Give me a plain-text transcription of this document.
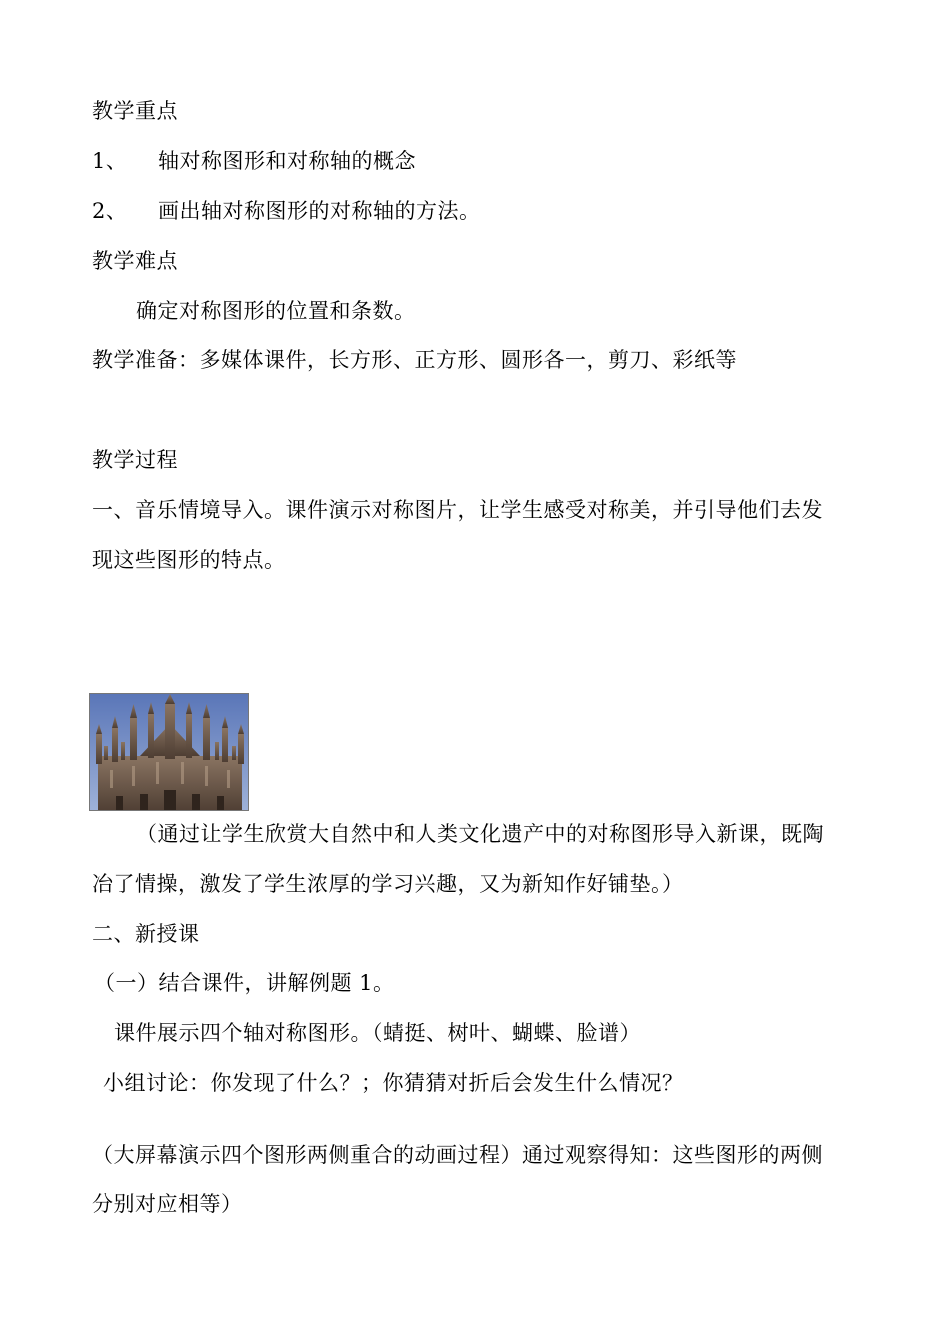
教学重点
1、 轴对称图形和对称轴的概念
2、 画出轴对称图形的对称轴的方法。
教学难点
确定对称图形的位置和条数。
教学准备：多媒体课件，长方形、正方形、圆形各一，剪刀、彩纸等
教学过程
一、音乐情境导入。课件演示对称图片，让学生感受对称美，并引导他们去发
现这些图形的特点。
（通过让学生欣赏大自然中和人类文化遗产中的对称图形导入新课，既陶
冶了情操，激发了学生浓厚的学习兴趣，又为新知作好铺垫。）
二、新授课
（一）结合课件，讲解例题 1。
课件展示四个轴对称图形。（蜻挺、树叶、蝴蝶、脸谱）
小组讨论：你发现了什么？；你猜猜对折后会发生什么情况？
（大屏幕演示四个图形两侧重合的动画过程）通过观察得知：这些图形的两侧
分别对应相等）
